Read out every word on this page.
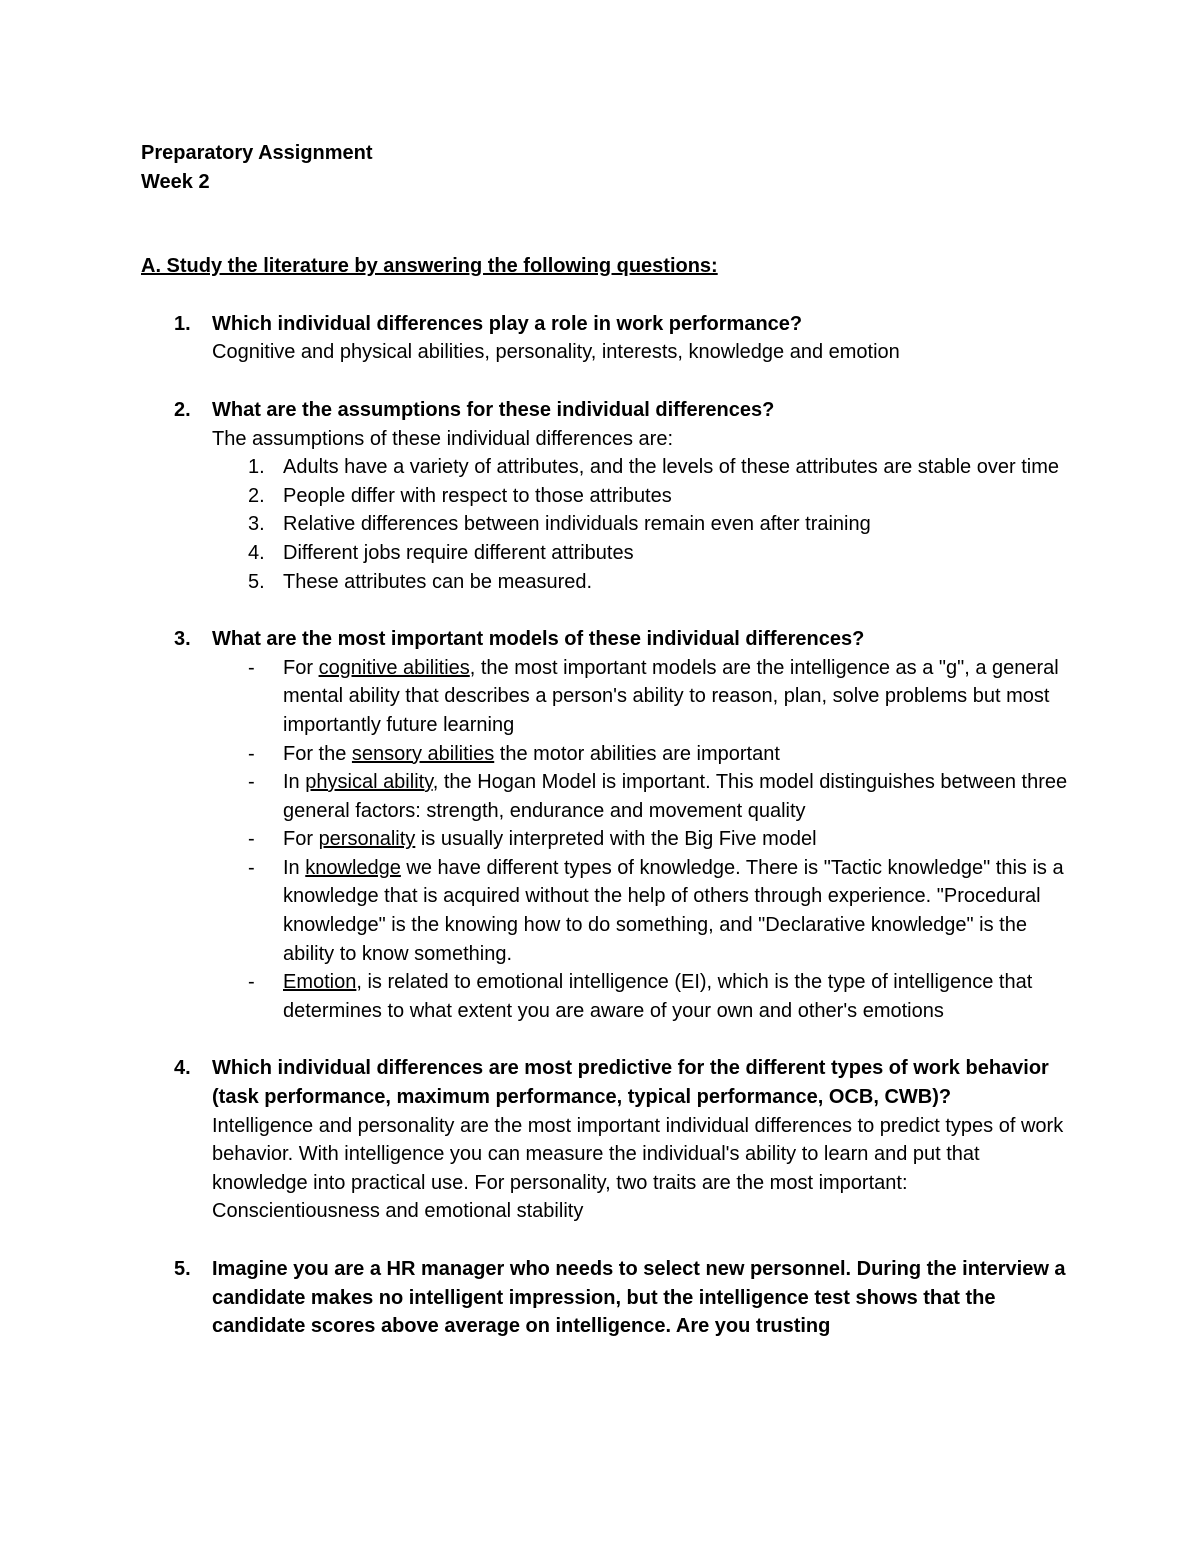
Preparatory Assignment

Week 2

A. Study the literature by answering the following questions:

1. Which individual differences play a role in work performance?

Cognitive and physical abilities, personality, interests, knowledge and emotion

2. What are the assumptions for these individual differences?

The assumptions of these individual differences are:

1. Adults have a variety of attributes, and the levels of these attributes are stable over time
2. People differ with respect to those attributes
3. Relative differences between individuals remain even after training
4. Different jobs require different attributes
5. These attributes can be measured.
3. What are the most important models of these individual differences?

- For cognitive abilities, the most important models are the intelligence as a "g", a general mental ability that describes a person's ability to reason, plan, solve problems but most importantly future learning
- For the sensory abilities the motor abilities are important
- In physical ability, the Hogan Model is important. This model distinguishes between three general factors: strength, endurance and movement quality
- For personality is usually interpreted with the Big Five model
- In knowledge we have different types of knowledge. There is "Tactic knowledge" this is a knowledge that is acquired without the help of others through experience. "Procedural knowledge" is the knowing how to do something, and "Declarative knowledge" is the ability to know something.
- Emotion, is related to emotional intelligence (EI), which is the type of intelligence that determines to what extent you are aware of your own and other's emotions
4. Which individual differences are most predictive for the different types of work behavior (task performance, maximum performance, typical performance, OCB, CWB)?

Intelligence and personality are the most important individual differences to predict types of work behavior. With intelligence you can measure the individual's ability to learn and put that knowledge into practical use. For personality, two traits are the most important: Conscientiousness and emotional stability

5. Imagine you are a HR manager who needs to select new personnel. During the interview a candidate makes no intelligent impression, but the intelligence test shows that the candidate scores above average on intelligence. Are you trusting
